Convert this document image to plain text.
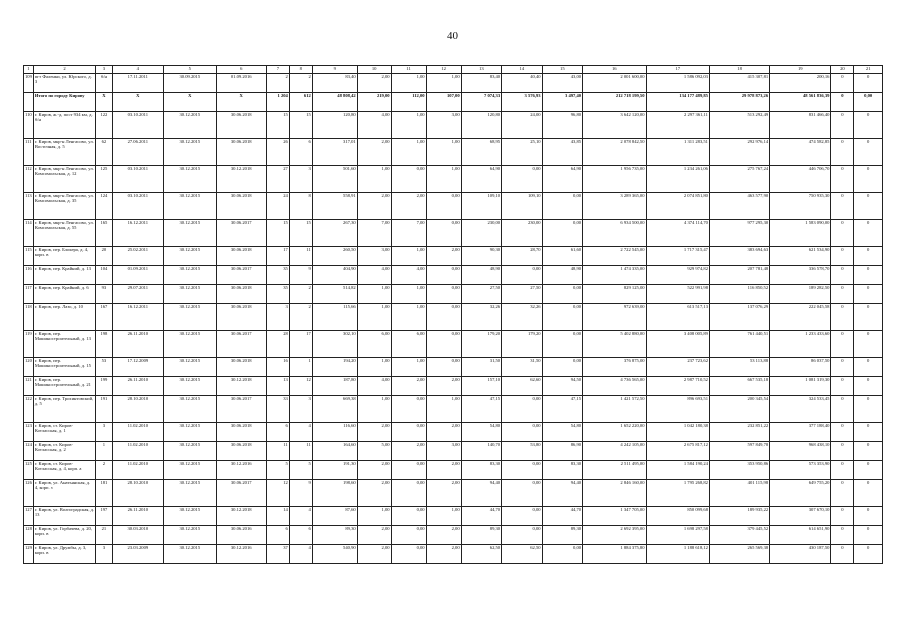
40
1	2	3	4	5	6	7	8	9	10	11	12	13	14	15	16	17	18	19	20	21
109	пгт Фаленки, ул. Юрского, д. 3	б/н	17.11.2011	30.09.2015	01.09.2016	2	2	83,40	2,00	1,00	1,00	83,40	40,40	43,00	2 001 600,00	1 586 092,03	415 307,81	200,16	0	0
	Итого по городу Кирову	X	X	X	X	1 204	612	48 808,42	219,00	112,00	107,00	7 074,33	3 576,93	3 497,40	212 718 199,50	134 177 489,85	29 978 873,26	48 561 836,39	0	0,00
110	г. Киров, ж.-д. пост 934 км, д. б/н	122	03.10.2011	30.12.2015	30.06.2018	15	15	120,80	4,00	1,00	3,00	120,80	24,00	96,80	3 642 120,00	2 297 361,11	513 292,49	831 466,40	0	0
111	г. Киров, мкр-н Ленгасово, ул. Восточная, д. 5	62	27.06.2011	30.12.2015	30.06.2018	26	6	317,01	2,00	1,00	1,00	68,95	25,10	43,85	2 078 842,50	1 311 283,51	292 976,14	474 582,85	0	0
112	г. Киров, мкр-н Ленгасово, ул. Комсомольская, д. 12	125	03.10.2011	30.12.2015	30.12.2018	27	3	501,60	1,00	0,00	1,00	64,90	0,00	64,90	1 956 735,00	1 234 261,06	275 767,24	446 706,70	0	0
113	г. Киров, мкр-н Ленгасово, ул. Комсомольская, д. 35	124	03.10.2011	30.12.2015	30.06.2018	24	8	558,91	2,00	2,00	0,00	109,10	109,10	0,00	3 289 365,00	2 074 851,80	463 577,90	750 935,30	0	0
114	г. Киров, мкр-н Ленгасово, ул. Комсомольская, д. 55	165	16.12.2011	30.12.2015	30.06.2017	15	15	267,30	7,00	7,00	0,00	230,00	230,00	0,00	6 934 500,00	4 374 114,70	977 295,30	1 583 090,00	0	0
115	г. Киров, пер. Блокера, д. 4, корп. в	20	25.02.2011	30.12.2015	30.06.2018	17	11	260,50	3,00	1,00	2,00	90,30	28,70	61,60	2 722 545,00	1 717 315,47	383 694,63	621 534,90	0	0
116	г. Киров, пер. Крайний, д. 13	104	01.09.2011	30.12.2015	30.06.2017	35	9	404,90	4,00	4,00	0,00	48,90	0,00	48,90	1 474 335,00	929 974,82	207 781,48	336 578,70	0	0
117	г. Киров, пер. Крайний, д. 6	93	29.07.2011	30.12.2015	30.06.2018	35	2	514,82	1,00	1,00	0,00	27,50	27,50	0,00	829 125,00	522 991,98	116 850,52	189 282,50	0	0
118	г. Киров, пер. Лазо, д. 10	167	16.12.2011	30.12.2015	30.06.2018	3	2	115,66	1,00	1,00	0,00	32,26	32,26	0,00	972 639,00	613 517,13	137 076,29	222 045,58	0	0
119	г. Киров, пер. Машиностроительный, д. 13	198	26.11.2010	30.12.2015	30.06.2017	28	17	302,10	6,00	6,00	0,00	179,20	179,20	0,00	5 402 880,00	3 408 005,89	761 440,51	1 233 433,60	0	0
120	г. Киров, пер. Машиностроительный, д. 15	53	17.12.2009	30.12.2015	30.06.2018	16	1	194,20	1,00	1,00	0,00	31,50	31,50	0,00	376 875,00	237 723,62	53 113,88	86 037,50	0	0
121	г. Киров, пер. Машиностроительный, д. 21	199	26.11.2010	30.12.2015	30.12.2018	13	12	187,80	4,00	2,00	2,00	157,10	62,60	94,50	4 736 565,00	2 987 710,52	667 535,18	1 081 319,30	0	0
122	г. Киров, пер. Трохинтовский, д. 5	191	28.10.2010	30.12.2015	30.06.2017	33	3	669,38	1,00	0,00	1,00	47,15	0,00	47,15	1 421 572,50	896 693,51	200 345,54	324 533,45	0	0
123	г. Киров, ст. Киров-Котласская, д. 1	3	11.02.2010	30.12.2015	30.06.2018	6	4	116,60	2,00	0,00	2,00	54,80	0,00	54,80	1 652 220,00	1 042 180,38	232 851,22	377 188,40	0	0
124	г. Киров, ст. Киров-Котласская, д. 2	1	11.02.2010	30.12.2015	30.06.2018	11	11	164,60	5,00	2,00	3,00	140,70	53,80	86,90	4 242 105,00	2 675 817,12	597 849,78	968 438,10	0	0
125	г. Киров, ст. Киров-Котласская, д. 4, корп. а	2	11.02.2010	30.12.2015	30.12.2016	5	5	191,30	2,00	0,00	2,00	83,30	0,00	83,30	2 511 495,00	1 584 190,24	353 950,86	573 353,90	0	0
126	г. Киров, ул. Анатьянская, д. 4, корп. з	181	28.10.2010	30.12.2015	30.06.2017	12	9	198,60	2,00	0,00	2,00	94,40	0,00	94,40	2 846 160,00	1 795 268,82	401 115,98	649 755,20	0	0
127	г. Киров, ул. Волгоградская, д. 13	197	26.11.2010	30.12.2015	30.12.2018	14	4	87,60	1,00	0,00	1,00	44,70	0,00	44,70	1 347 705,00	850 099,68	189 935,22	307 670,10	0	0
128	г. Киров, ул. Горбачева, д. 20, корп. в	21	30.03.2010	30.12.2015	30.06.2016	6	6	89,30	2,00	0,00	2,00	89,30	0,00	89,30	2 692 395,00	1 698 297,58	379 445,52	614 651,90	0	0
129	г. Киров, ул. Дружбы, д. 3, корп. в	3	23.03.2009	30.12.2015	30.12.2016	37	4	540,90	2,00	0,00	2,00	62,50	62,50	0,00	1 884 375,80	1 188 618,12	265 569,38	430 187,50	0	0
